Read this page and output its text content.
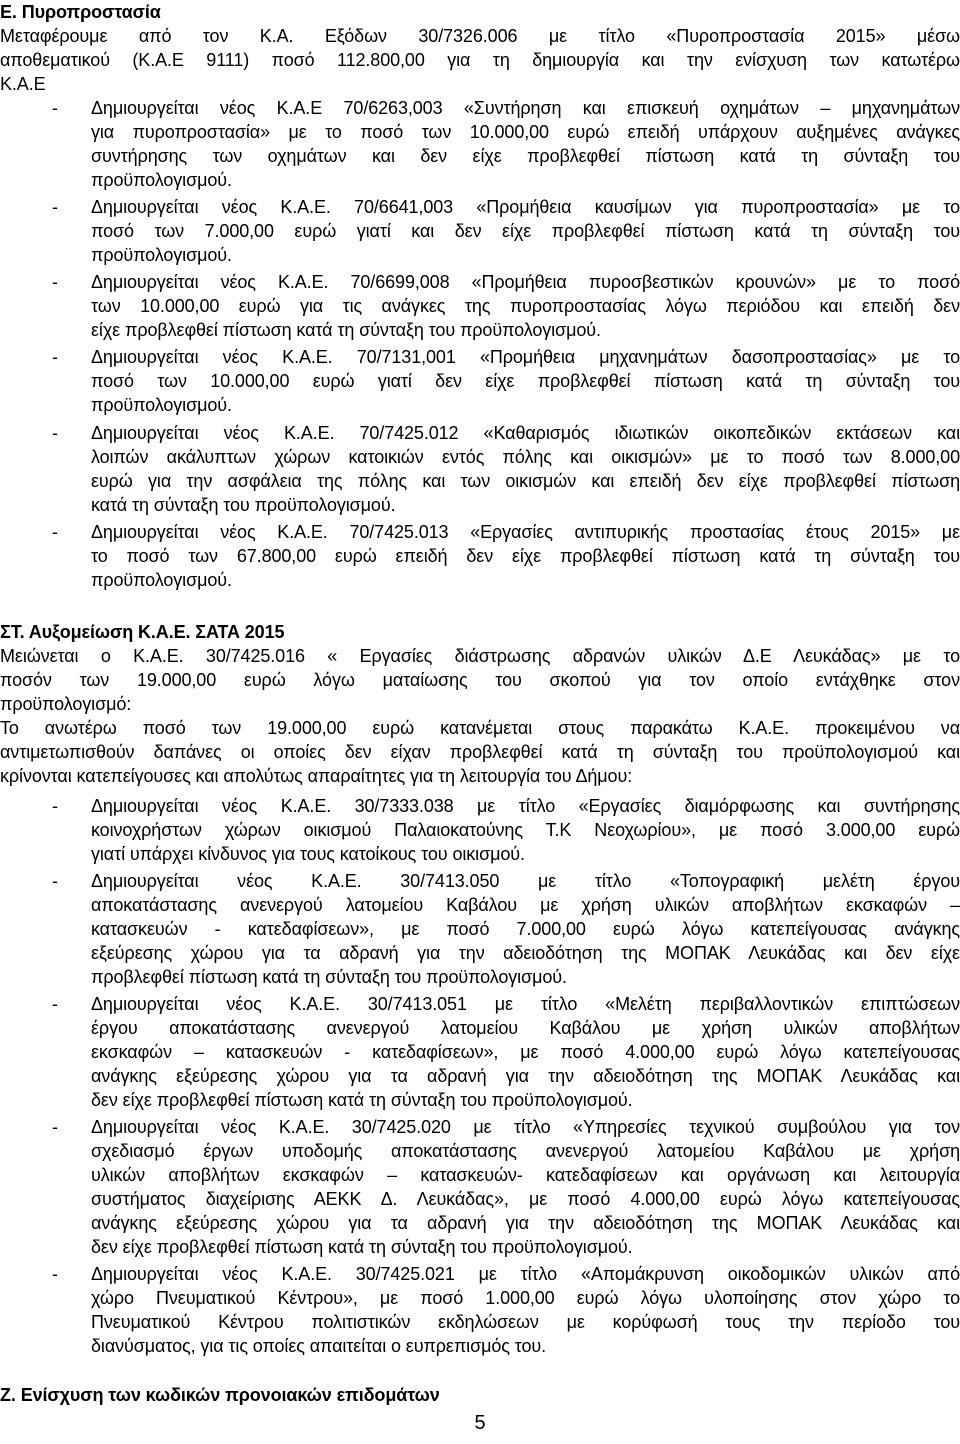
Ε. Πυροπροστασία
Μεταφέρουμε από τον Κ.Α. Εξόδων 30/7326.006 με τίτλο «Πυροπροστασία 2015» μέσω
αποθεματικού (Κ.Α.Ε 9111) ποσό 112.800,00 για τη δημιουργία και την ενίσχυση των κατωτέρω
Κ.Α.Ε
- Δημιουργείται νέος Κ.Α.Ε 70/6263,003 «Συντήρηση και επισκευή οχημάτων – μηχανημάτων
για πυροπροστασία» με το ποσό των 10.000,00 ευρώ επειδή υπάρχουν αυξημένες ανάγκες
συντήρησης των οχημάτων και δεν είχε προβλεφθεί πίστωση κατά τη σύνταξη του
προϋπολογισμού.
- Δημιουργείται νέος Κ.Α.Ε. 70/6641,003 «Προμήθεια καυσίμων για πυροπροστασία» με το
ποσό των 7.000,00 ευρώ γιατί και δεν είχε προβλεφθεί πίστωση κατά τη σύνταξη του
προϋπολογισμού.
- Δημιουργείται νέος Κ.Α.Ε. 70/6699,008 «Προμήθεια πυροσβεστικών κρουνών» με το ποσό
των 10.000,00 ευρώ για τις ανάγκες της πυροπροστασίας λόγω περιόδου και επειδή δεν
είχε προβλεφθεί πίστωση κατά τη σύνταξη του προϋπολογισμού.
- Δημιουργείται νέος Κ.Α.Ε. 70/7131,001 «Προμήθεια μηχανημάτων δασοπροστασίας» με το
ποσό των 10.000,00 ευρώ γιατί δεν είχε προβλεφθεί πίστωση κατά τη σύνταξη του
προϋπολογισμού.
- Δημιουργείται νέος Κ.Α.Ε. 70/7425.012 «Καθαρισμός ιδιωτικών οικοπεδικών εκτάσεων και
λοιπών ακάλυπτων χώρων κατοικιών εντός πόλης και οικισμών» με το ποσό των 8.000,00
ευρώ για την ασφάλεια της πόλης και των οικισμών και επειδή δεν είχε προβλεφθεί πίστωση
κατά τη σύνταξη του προϋπολογισμού.
- Δημιουργείται νέος Κ.Α.Ε. 70/7425.013 «Εργασίες αντιπυρικής προστασίας έτους 2015» με
το ποσό των 67.800,00 ευρώ επειδή δεν είχε προβλεφθεί πίστωση κατά τη σύνταξη του
προϋπολογισμού.
ΣΤ. Αυξομείωση Κ.Α.Ε. ΣΑΤΑ 2015
Μειώνεται ο Κ.Α.Ε. 30/7425.016 « Εργασίες διάστρωσης αδρανών υλικών Δ.Ε Λευκάδας» με το
ποσόν των 19.000,00 ευρώ λόγω ματαίωσης του σκοπού για τον οποίο εντάχθηκε στον
προϋπολογισμό:
Το ανωτέρω ποσό των 19.000,00 ευρώ κατανέμεται στους παρακάτω Κ.Α.Ε. προκειμένου να
αντιμετωπισθούν δαπάνες οι οποίες δεν είχαν προβλεφθεί κατά τη σύνταξη του προϋπολογισμού και
κρίνονται κατεπείγουσες και απολύτως απαραίτητες για τη λειτουργία του Δήμου:
- Δημιουργείται νέος Κ.Α.Ε. 30/7333.038 με τίτλο «Εργασίες διαμόρφωσης και συντήρησης
κοινοχρήστων χώρων οικισμού Παλαιοκατούνης Τ.Κ Νεοχωρίου», με ποσό 3.000,00 ευρώ
γιατί υπάρχει κίνδυνος για τους κατοίκους του οικισμού.
- Δημιουργείται νέος Κ.Α.Ε. 30/7413.050 με τίτλο «Τοπογραφική μελέτη έργου
αποκατάστασης ανενεργού λατομείου Καβάλου με χρήση υλικών αποβλήτων εκσκαφών –
κατασκευών - κατεδαφίσεων», με ποσό 7.000,00 ευρώ λόγω κατεπείγουσας ανάγκης
εξεύρεσης χώρου για τα αδρανή για την αδειοδότηση της ΜΟΠΑΚ Λευκάδας και δεν είχε
προβλεφθεί πίστωση κατά τη σύνταξη του προϋπολογισμού.
- Δημιουργείται νέος Κ.Α.Ε. 30/7413.051 με τίτλο «Μελέτη περιβαλλοντικών επιπτώσεων
έργου αποκατάστασης ανενεργού λατομείου Καβάλου με χρήση υλικών αποβλήτων
εκσκαφών – κατασκευών - κατεδαφίσεων», με ποσό 4.000,00 ευρώ λόγω κατεπείγουσας
ανάγκης εξεύρεσης χώρου για τα αδρανή για την αδειοδότηση της ΜΟΠΑΚ Λευκάδας και
δεν είχε προβλεφθεί πίστωση κατά τη σύνταξη του προϋπολογισμού.
- Δημιουργείται νέος Κ.Α.Ε. 30/7425.020 με τίτλο «Υπηρεσίες τεχνικού συμβούλου για τον
σχεδιασμό έργων υποδομής αποκατάστασης ανενεργού λατομείου Καβάλου με χρήση
υλικών αποβλήτων εκσκαφών – κατασκευών- κατεδαφίσεων και οργάνωση και λειτουργία
συστήματος διαχείρισης ΑΕΚΚ Δ. Λευκάδας», με ποσό 4.000,00 ευρώ λόγω κατεπείγουσας
ανάγκης εξεύρεσης χώρου για τα αδρανή για την αδειοδότηση της ΜΟΠΑΚ Λευκάδας και
δεν είχε προβλεφθεί πίστωση κατά τη σύνταξη του προϋπολογισμού.
- Δημιουργείται νέος Κ.Α.Ε. 30/7425.021 με τίτλο «Απομάκρυνση οικοδομικών υλικών από
χώρο Πνευματικού Κέντρου», με ποσό 1.000,00 ευρώ λόγω υλοποίησης στον χώρο το
Πνευματικού Κέντρου πολιτιστικών εκδηλώσεων με κορύφωσή τους την περίοδο του
διανύσματος, για τις οποίες απαιτείται ο ευπρεπισμός του.
Ζ. Ενίσχυση των κωδικών προνοιακών επιδομάτων
5
